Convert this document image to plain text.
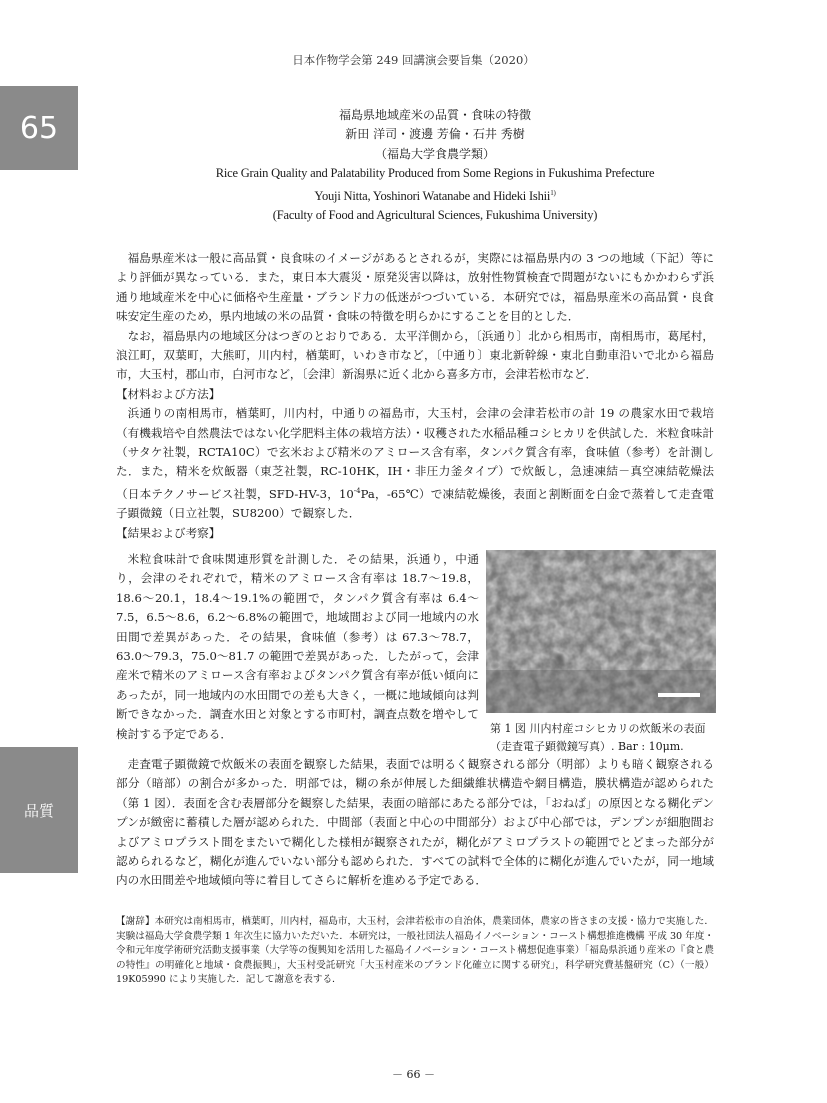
日本作物学会第 249 回講演会要旨集（2020）
65
品質
福島県地域産米の品質・食味の特徴
新田 洋司・渡邊 芳倫・石井 秀樹
（福島大学食農学類）
Rice Grain Quality and Palatability Produced from Some Regions in Fukushima Prefecture
Youji Nitta, Yoshinori Watanabe and Hideki Ishii$^{1)}$
(Faculty of Food and Agricultural Sciences, Fukushima University)

福島県産米は一般に高品質・良食味のイメージがあるとされるが，実際には福島県内の 3 つの地域（下記）等により評価が異なっている．また，東日本大震災・原発災害以降は，放射性物質検査で問題がないにもかかわらず浜通り地域産米を中心に価格や生産量・ブランド力の低迷がつづいている．本研究では，福島県産米の高品質・良食味安定生産のため，県内地域の米の品質・食味の特徴を明らかにすることを目的とした．

なお，福島県内の地域区分はつぎのとおりである．太平洋側から，〔浜通り〕北から相馬市，南相馬市，葛尾村，浪江町，双葉町，大熊町，川内村，楢葉町，いわき市など，〔中通り〕東北新幹線・東北自動車沿いで北から福島市，大玉村，郡山市，白河市など，〔会津〕新潟県に近く北から喜多方市，会津若松市など．

【材料および方法】

浜通りの南相馬市，楢葉町，川内村，中通りの福島市，大玉村，会津の会津若松市の計 19 の農家水田で栽培（有機栽培や自然農法ではない化学肥料主体の栽培方法）・収穫された水稲品種コシヒカリを供試した．米粒食味計（サタケ社製，RCTA10C）で玄米および精米のアミロース含有率，タンパク質含有率，食味値（参考）を計測した．また，精米を炊飯器（東芝社製，RC-10HK，IH・非圧力釜タイプ）で炊飯し，急速凍結－真空凍結乾燥法（日本テクノサービス社製，SFD-HV-3，$10^{-4}Pa$，-65℃）で凍結乾燥後，表面と割断面を白金で蒸着して走査電子顕微鏡（日立社製，SU8200）で観察した．

【結果および考察】

米粒食味計で食味関連形質を計測した．その結果，浜通り，中通り，会津のそれぞれで，精米のアミロース含有率は 18.7～19.8，18.6～20.1，18.4～19.1%の範囲で，タンパク質含有率は 6.4～7.5，6.5～8.6，6.2～6.8%の範囲で，地域間および同一地域内の水田間で差異があった．その結果，食味値（参考）は 67.3～78.7，63.0～79.3，75.0～81.7 の範囲で差異があった．したがって，会津産米で精米のアミロース含有率およびタンパク質含有率が低い傾向にあったが，同一地域内の水田間での差も大きく，一概に地域傾向は判断できなかった．調査水田と対象とする市町村，調査点数を増やして検討する予定である．	第 1 図 川内村産コシヒカリの炊飯米の表面
（走査電子顕微鏡写真）. Bar : 10μm.

走査電子顕微鏡で炊飯米の表面を観察した結果，表面では明るく観察される部分（明部）よりも暗く観察される部分（暗部）の割合が多かった．明部では，糊の糸が伸展した細繊維状構造や網目構造，膜状構造が認められた（第 1 図）．表面を含む表層部分を観察した結果，表面の暗部にあたる部分では，「おねば」の原因となる糊化デンプンが緻密に蓄積した層が認められた．中間部（表面と中心の中間部分）および中心部では，デンプンが細胞間およびアミロプラスト間をまたいで糊化した様相が観察されたが，糊化がアミロプラストの範囲でとどまった部分が認められるなど，糊化が進んでいない部分も認められた．すべての試料で全体的に糊化が進んでいたが，同一地域内の水田間差や地域傾向等に着目してさらに解析を進める予定である．

【謝辞】本研究は南相馬市，楢葉町，川内村，福島市，大玉村，会津若松市の自治体，農業団体，農家の皆さまの支援・協力で実施した．実験は福島大学食農学類 1 年次生に協力いただいた．本研究は，一般社団法人福島イノベーション・コースト構想推進機構 平成 30 年度・令和元年度学術研究活動支援事業（大学等の復興知を活用した福島イノベーション・コースト構想促進事業）「福島県浜通り産米の『食と農の特性』の明確化と地域・食農振興」，大玉村受託研究「大玉村産米のブランド化確立に関する研究」，科学研究費基盤研究（C）（一般）19K05990 により実施した．記して謝意を表する．
－ 66 －
